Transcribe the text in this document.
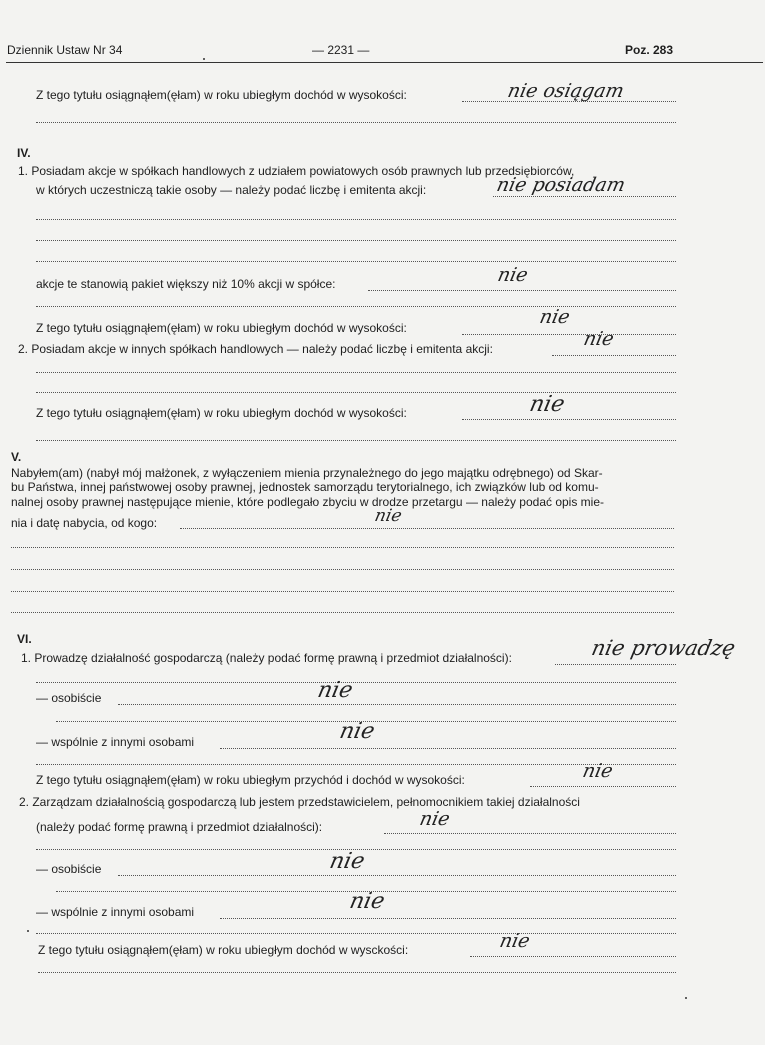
Dziennik Ustaw Nr 34	— 2231 —	Poz. 283
Z tego tytułu osiągnąłem(ęłam) w roku ubiegłym dochód w wysokości:	nie osiągam
IV.
1. Posiadam akcje w spółkach handlowych z udziałem powiatowych osób prawnych lub przedsiębiorców,
w których uczestniczą takie osoby — należy podać liczbę i emitenta akcji:	nie posiadam
akcje te stanowią pakiet większy niż 10% akcji w spółce:	nie
Z tego tytułu osiągnąłem(ęłam) w roku ubiegłym dochód w wysokości:	nie
2. Posiadam akcje w innych spółkach handlowych — należy podać liczbę i emitenta akcji:	nie
Z tego tytułu osiągnąłem(ęłam) w roku ubiegłym dochód w wysokości:	nie
V.
Nabyłem(am) (nabył mój małżonek, z wyłączeniem mienia przynależnego do jego majątku odrębnego) od Skar-
bu Państwa, innej państwowej osoby prawnej, jednostek samorządu terytorialnego, ich związków lub od komu-
nalnej osoby prawnej następujące mienie, które podlegało zbyciu w drodze przetargu — należy podać opis mie-
nia i datę nabycia, od kogo:	nie
VI.
1. Prowadzę działalność gospodarczą (należy podać formę prawną i przedmiot działalności):	nie prowadzę
— osobiście	nie
— wspólnie z innymi osobami	nie
Z tego tytułu osiągnąłem(ęłam) w roku ubiegłym przychód i dochód w wysokości:	nie
2. Zarządzam działalnością gospodarczą lub jestem przedstawicielem, pełnomocnikiem takiej działalności
(należy podać formę prawną i przedmiot działalności):	nie
— osobiście	nie
— wspólnie z innymi osobami	nie
Z tego tytułu osiągnąłem(ęłam) w roku ubiegłym dochód w wysckości:	nie
